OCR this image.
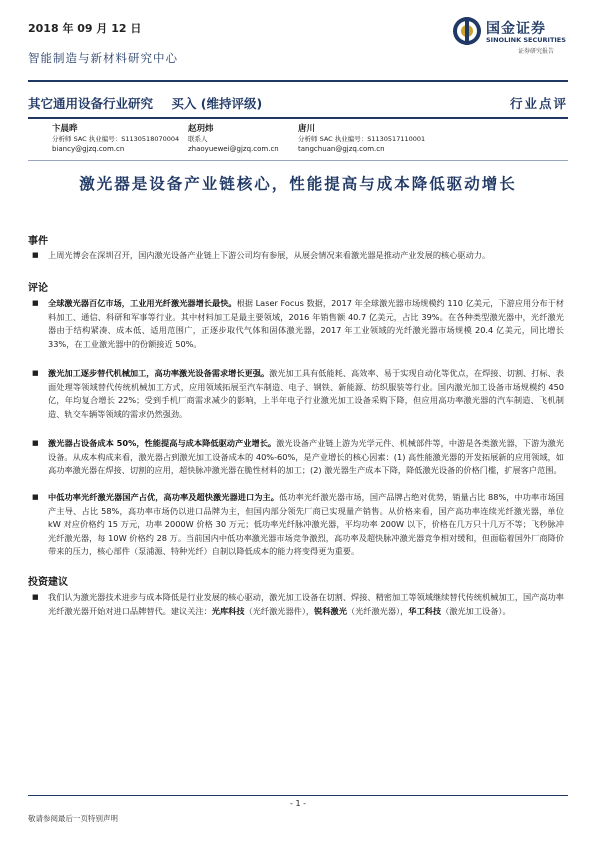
2018 年 09 月 12 日
智能制造与新材料研究中心
国金证券
SINOLINK SECURITIES
证券研究报告
其它通用设备行业研究 买入 (维持评级)	行业点评
卞晨晔
分析师 SAC 执业编号：S1130518070004
biancy@gjzq.com.cn
赵玥炜
联系人
zhaoyuewei@gjzq.com.cn
唐川
分析师 SAC 执业编号：S1130517110001
tangchuan@gjzq.com.cn
激光器是设备产业链核心，性能提高与成本降低驱动增长
事件
■ 上周光博会在深圳召开，国内激光设备产业链上下游公司均有参展，从展会情况来看激光器是推动产业发展的核心驱动力。
评论
■ 全球激光器百亿市场，工业用光纤激光器增长最快。根据 Laser Focus 数据，2017 年全球激光器市场规模约 110 亿美元，下游应用分布于材料加工、通信、科研和军事等行业。其中材料加工是最主要领域，2016 年销售额 40.7 亿美元，占比 39%。在各种类型激光器中，光纤激光器由于结构紧凑、成本低、适用范围广，正逐步取代气体和固体激光器，2017 年工业领域的光纤激光器市场规模 20.4 亿美元，同比增长 33%，在工业激光器中的份额接近 50%。
■ 激光加工逐步替代机械加工，高功率激光设备需求增长更强。激光加工具有低能耗、高效率、易于实现自动化等优点，在焊接、切割、打标、表面处理等领域替代传统机械加工方式，应用领域拓展至汽车制造、电子、钢铁、新能源、纺织服装等行业。国内激光加工设备市场规模约 450 亿，年均复合增长 22%；受到手机厂商需求减少的影响，上半年电子行业激光加工设备采购下降，但应用高功率激光器的汽车制造、飞机制造、轨交车辆等领域的需求仍然强劲。
■ 激光器占设备成本 50%，性能提高与成本降低驱动产业增长。激光设备产业链上游为光学元件、机械部件等，中游是各类激光器，下游为激光设备。从成本构成来看，激光器占到激光加工设备成本的 40%-60%，是产业增长的核心因素：(1) 高性能激光器的开发拓展新的应用领域，如高功率激光器在焊接、切割的应用，超快脉冲激光器在脆性材料的加工；(2) 激光器生产成本下降，降低激光设备的价格门槛，扩展客户范围。
■ 中低功率光纤激光器国产占优，高功率及超快激光器进口为主。低功率光纤激光器市场，国产品牌占绝对优势，销量占比 88%，中功率市场国产主导、占比 58%，高功率市场仍以进口品牌为主，但国内部分领先厂商已实现量产销售。从价格来看，国产高功率连续光纤激光器，单位 kW 对应价格约 15 万元，功率 2000W 价格 30 万元；低功率光纤脉冲激光器，平均功率 200W 以下，价格在几万只十几万不等；飞秒脉冲光纤激光器，每 10W 价格约 28 万。当前国内中低功率激光器市场竞争激烈，高功率及超快脉冲激光器竞争相对缓和，但面临着国外厂商降价带来的压力，核心部件（泵浦源、特种光纤）自制以降低成本的能力将变得更为重要。
投资建议
■ 我们认为激光器技术进步与成本降低是行业发展的核心驱动，激光加工设备在切割、焊接、精密加工等领域继续替代传统机械加工，国产高功率光纤激光器开始对进口品牌替代。建议关注：光库科技（光纤激光器件），锐科激光（光纤激光器），华工科技（激光加工设备）。
- 1 -
敬请参阅最后一页特别声明
